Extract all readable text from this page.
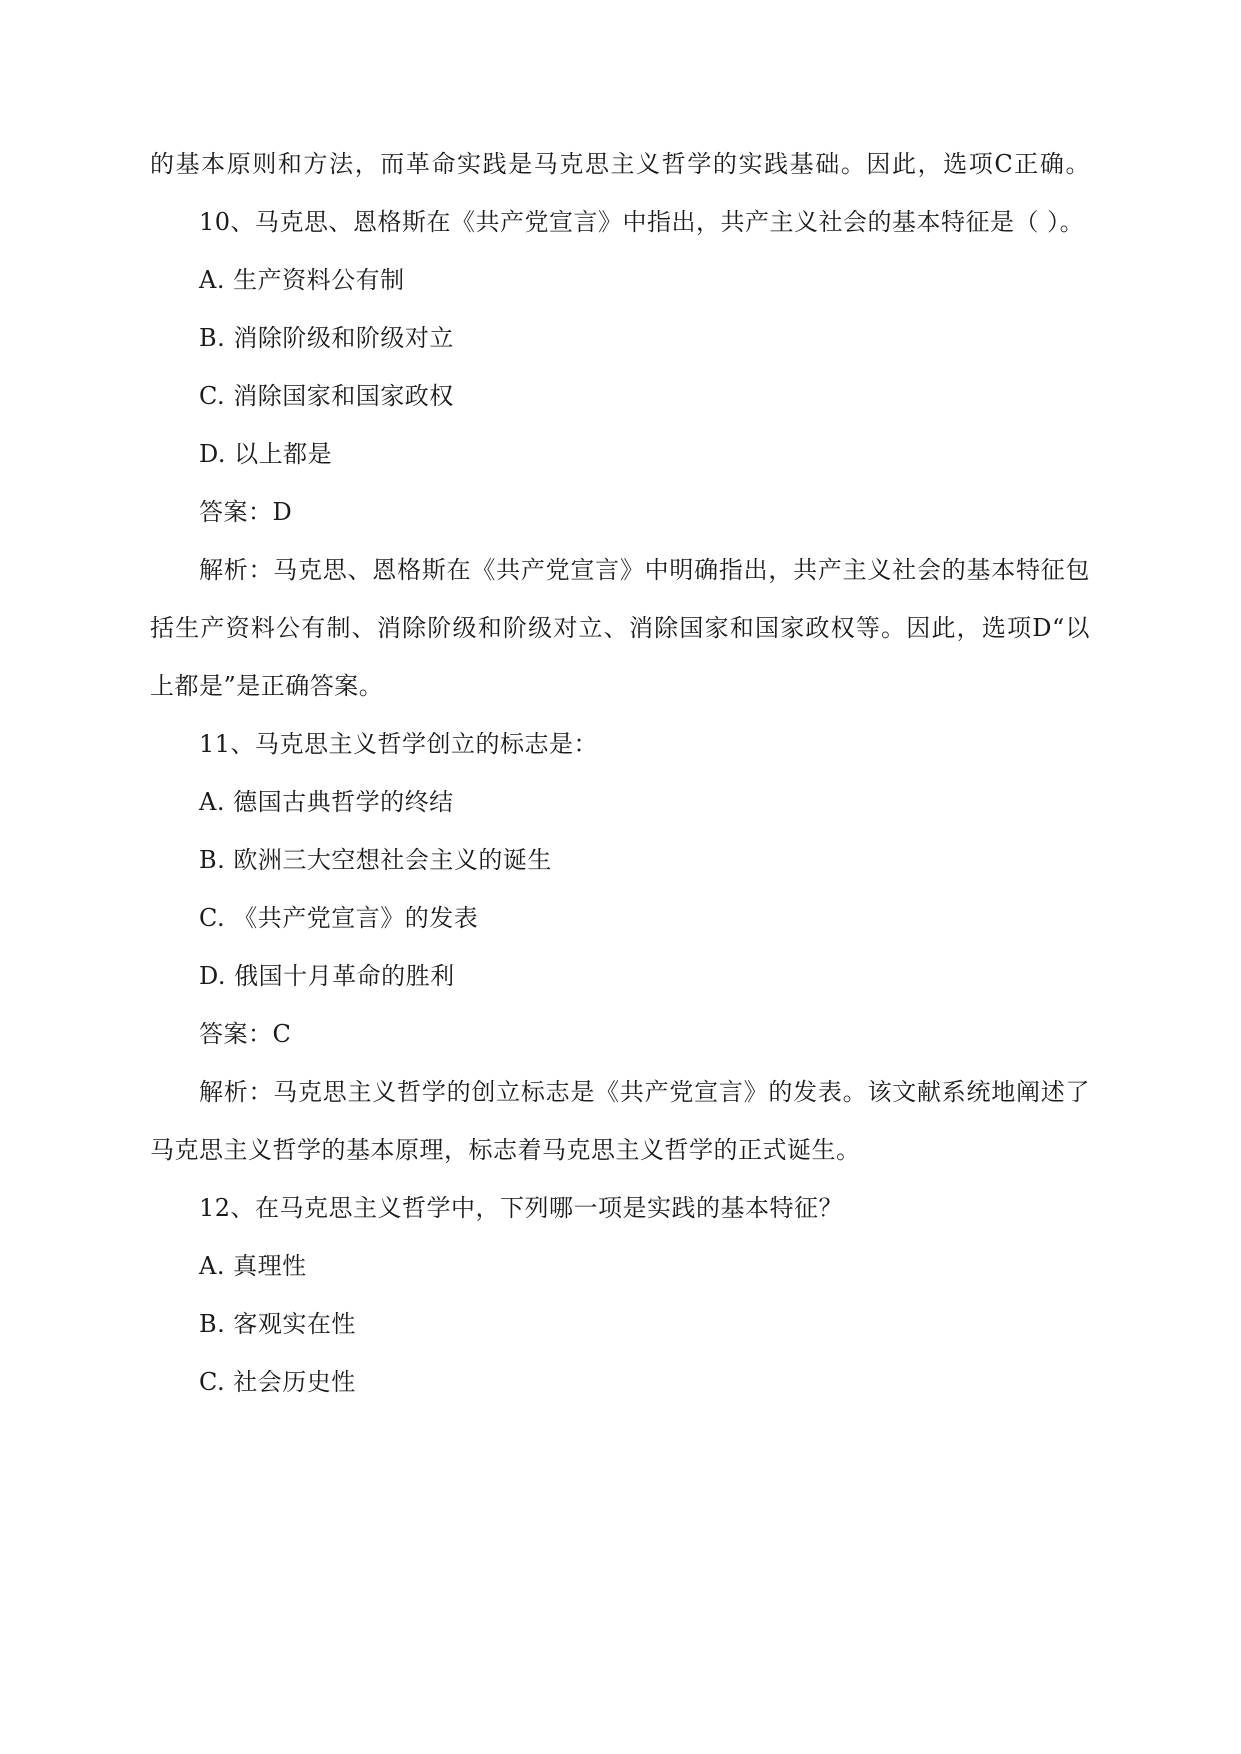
的基本原则和方法，而革命实践是马克思主义哲学的实践基础。因此，选项C正确。
10、马克思、恩格斯在《共产党宣言》中指出，共产主义社会的基本特征是（ ）。
A. 生产资料公有制
B. 消除阶级和阶级对立
C. 消除国家和国家政权
D. 以上都是
答案：D
解析：马克思、恩格斯在《共产党宣言》中明确指出，共产主义社会的基本特征包
括生产资料公有制、消除阶级和阶级对立、消除国家和国家政权等。因此，选项D“以
上都是”是正确答案。
11、马克思主义哲学创立的标志是：
A. 德国古典哲学的终结
B. 欧洲三大空想社会主义的诞生
C. 《共产党宣言》的发表
D. 俄国十月革命的胜利
答案：C
解析：马克思主义哲学的创立标志是《共产党宣言》的发表。该文献系统地阐述了
马克思主义哲学的基本原理，标志着马克思主义哲学的正式诞生。
12、在马克思主义哲学中，下列哪一项是实践的基本特征？
A. 真理性
B. 客观实在性
C. 社会历史性
